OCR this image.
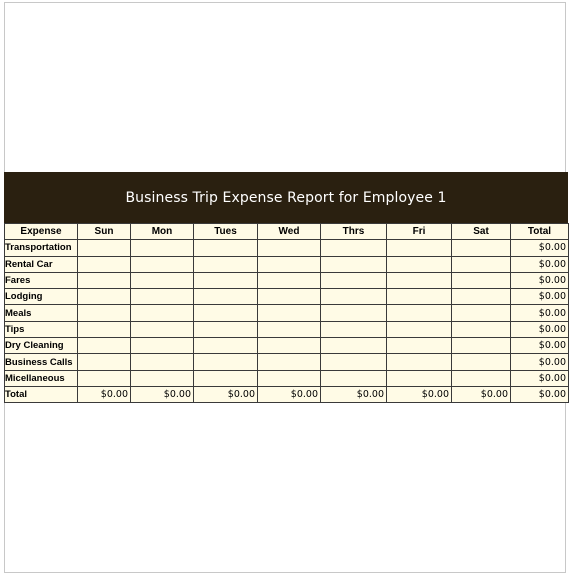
Business Trip Expense Report for Employee 1
Expense	Sun	Mon	Tues	Wed	Thrs	Fri	Sat	Total
Transportation								$0.00
Rental Car								$0.00
Fares								$0.00
Lodging								$0.00
Meals								$0.00
Tips								$0.00
Dry Cleaning								$0.00
Business Calls								$0.00
Micellaneous								$0.00
Total	$0.00	$0.00	$0.00	$0.00	$0.00	$0.00	$0.00	$0.00
